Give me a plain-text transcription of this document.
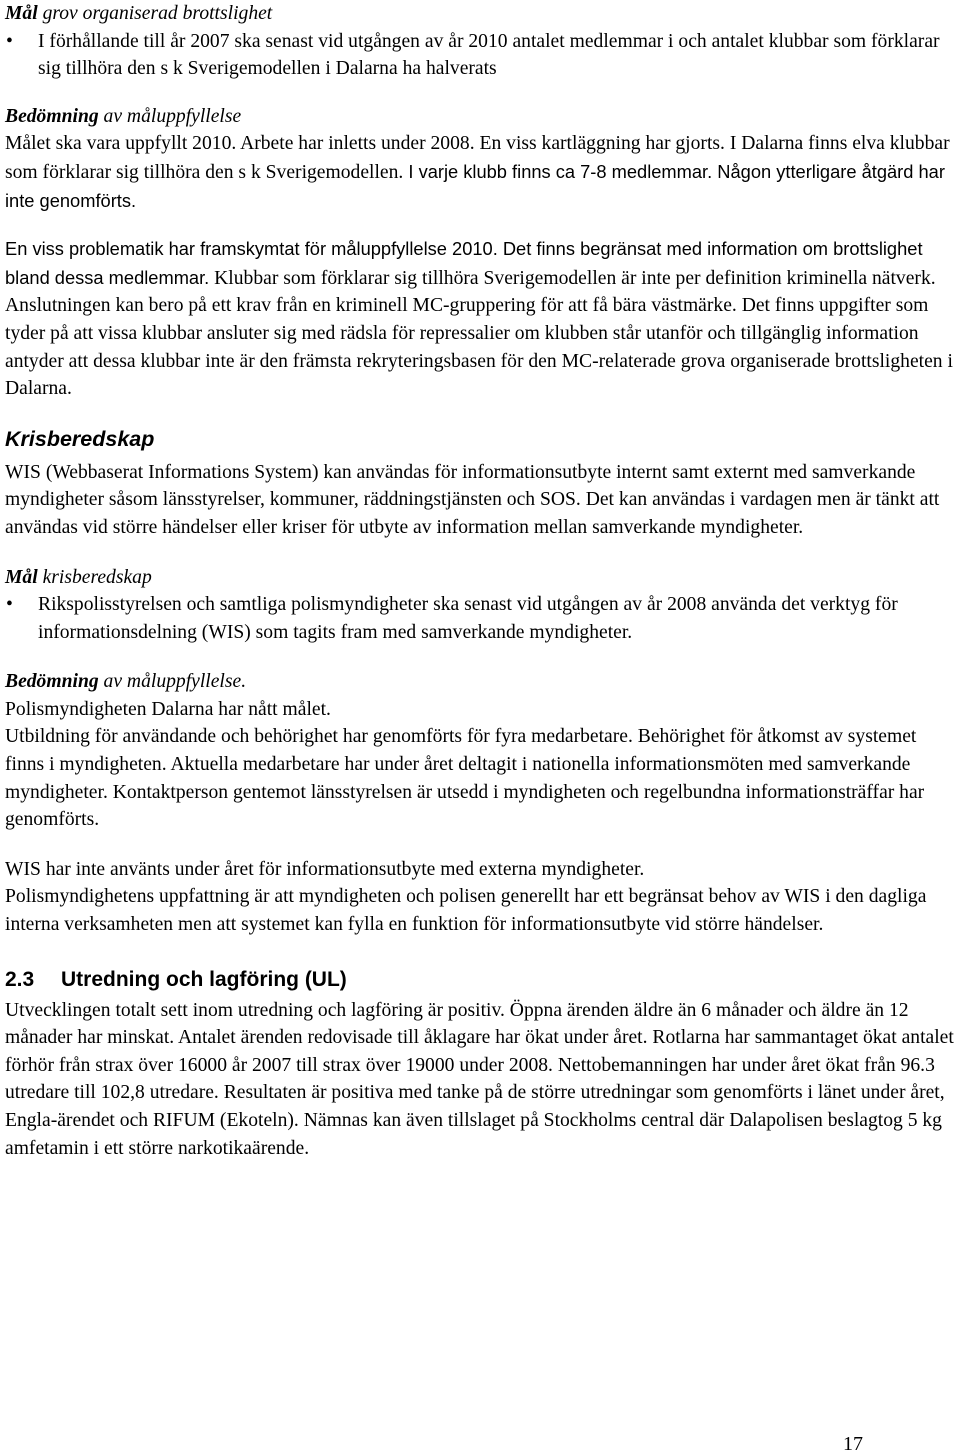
Mål grov organiserad brottslighet

• I förhållande till år 2007 ska senast vid utgången av år 2010 antalet medlemmar i och antalet klubbar som förklarar sig tillhöra den s k Sverigemodellen i Dalarna ha halverats

Bedömning av måluppfyllelse

Målet ska vara uppfyllt 2010. Arbete har inletts under 2008. En viss kartläggning har gjorts. I Dalarna finns elva klubbar som förklarar sig tillhöra den s k Sverigemodellen. I varje klubb finns ca 7-8 medlemmar. Någon ytterligare åtgärd har inte genomförts.

En viss problematik har framskymtat för måluppfyllelse 2010. Det finns begränsat med information om brottslighet bland dessa medlemmar. Klubbar som förklarar sig tillhöra Sverigemodellen är inte per definition kriminella nätverk. Anslutningen kan bero på ett krav från en kriminell MC-gruppering för att få bära västmärke. Det finns uppgifter som tyder på att vissa klubbar ansluter sig med rädsla för repressalier om klubben står utanför och tillgänglig information antyder att dessa klubbar inte är den främsta rekryteringsbasen för den MC-relaterade grova organiserade brottsligheten i Dalarna.

Krisberedskap

WIS (Webbaserat Informations System) kan användas för informationsutbyte internt samt externt med samverkande myndigheter såsom länsstyrelser, kommuner, räddningstjänsten och SOS. Det kan användas i vardagen men är tänkt att användas vid större händelser eller kriser för utbyte av information mellan samverkande myndigheter.

Mål krisberedskap

• Rikspolisstyrelsen och samtliga polismyndigheter ska senast vid utgången av år 2008 använda det verktyg för informationsdelning (WIS) som tagits fram med samverkande myndigheter.

Bedömning av måluppfyllelse.

Polismyndigheten Dalarna har nått målet.

Utbildning för användande och behörighet har genomförts för fyra medarbetare. Behörighet för åtkomst av systemet finns i myndigheten. Aktuella medarbetare har under året deltagit i nationella informationsmöten med samverkande myndigheter. Kontaktperson gentemot länsstyrelsen är utsedd i myndigheten och regelbundna informationsträffar har genomförts.

WIS har inte använts under året för informationsutbyte med externa myndigheter.

Polismyndighetens uppfattning är att myndigheten och polisen generellt har ett begränsat behov av WIS i den dagliga interna verksamheten men att systemet kan fylla en funktion för informationsutbyte vid större händelser.

2.3 Utredning och lagföring (UL)

Utvecklingen totalt sett inom utredning och lagföring är positiv. Öppna ärenden äldre än 6 månader och äldre än 12 månader har minskat. Antalet ärenden redovisade till åklagare har ökat under året. Rotlarna har sammantaget ökat antalet förhör från strax över 16000 år 2007 till strax över 19000 under 2008. Nettobemanningen har under året ökat från 96.3 utredare till 102,8 utredare. Resultaten är positiva med tanke på de större utredningar som genomförts i länet under året, Engla-ärendet och RIFUM (Ekoteln). Nämnas kan även tillslaget på Stockholms central där Dalapolisen beslagtog 5 kg amfetamin i ett större narkotikaärende.

17
